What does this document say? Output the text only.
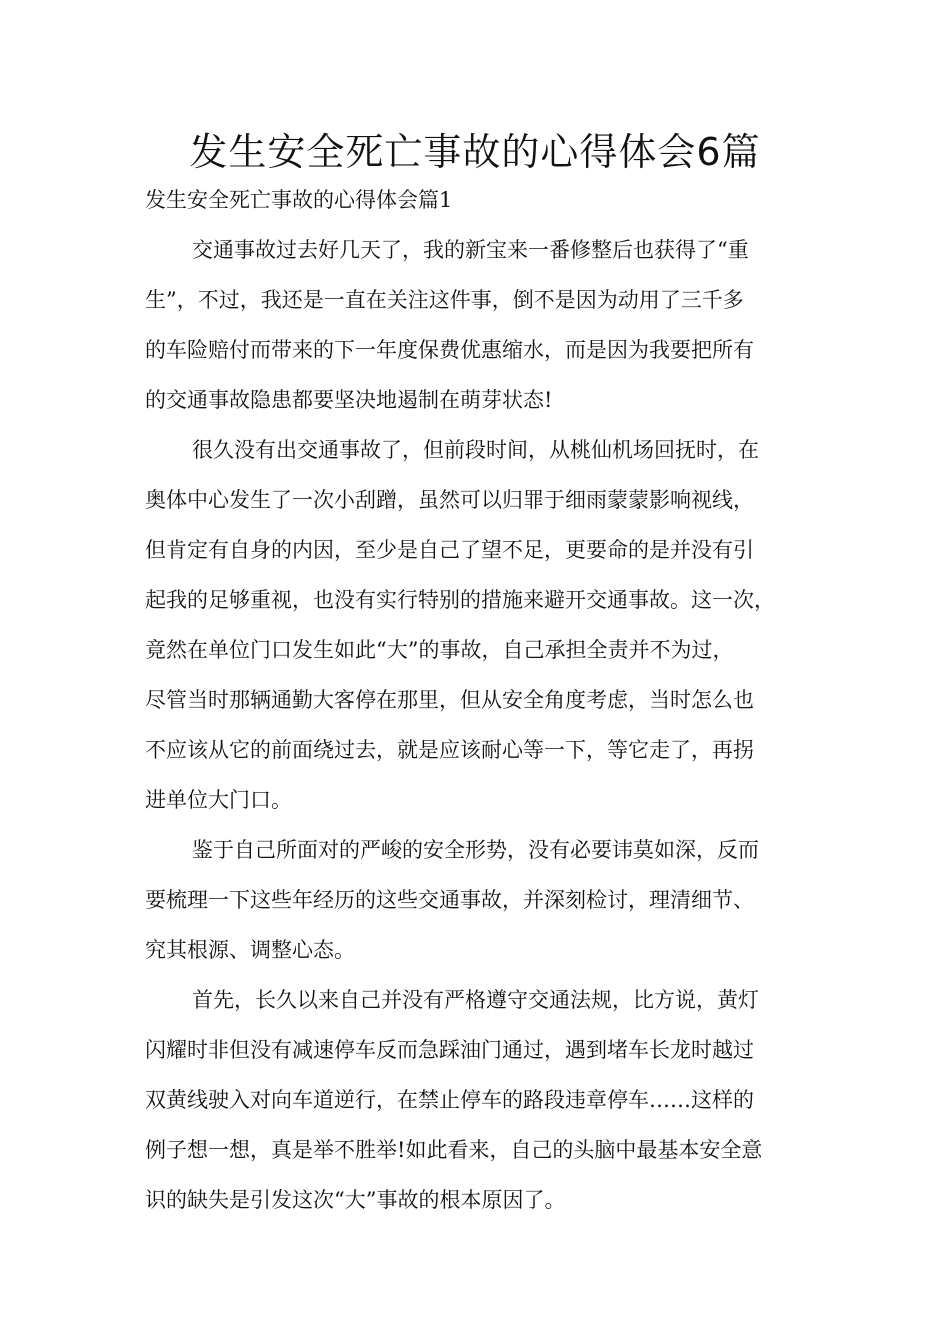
发生安全死亡事故的心得体会6篇
发生安全死亡事故的心得体会篇1
交通事故过去好几天了，我的新宝来一番修整后也获得了“重
生”，不过，我还是一直在关注这件事，倒不是因为动用了三千多
的车险赔付而带来的下一年度保费优惠缩水，而是因为我要把所有
的交通事故隐患都要坚决地遏制在萌芽状态!
很久没有出交通事故了，但前段时间，从桃仙机场回抚时，在
奥体中心发生了一次小刮蹭，虽然可以归罪于细雨蒙蒙影响视线，
但肯定有自身的内因，至少是自己了望不足，更要命的是并没有引
起我的足够重视，也没有实行特别的措施来避开交通事故。这一次，
竟然在单位门口发生如此“大”的事故，自己承担全责并不为过，
尽管当时那辆通勤大客停在那里，但从安全角度考虑，当时怎么也
不应该从它的前面绕过去，就是应该耐心等一下，等它走了，再拐
进单位大门口。
鉴于自己所面对的严峻的安全形势，没有必要讳莫如深，反而
要梳理一下这些年经历的这些交通事故，并深刻检讨，理清细节、
究其根源、调整心态。
首先，长久以来自己并没有严格遵守交通法规，比方说，黄灯
闪耀时非但没有减速停车反而急踩油门通过，遇到堵车长龙时越过
双黄线驶入对向车道逆行，在禁止停车的路段违章停车……这样的
例子想一想，真是举不胜举!如此看来，自己的头脑中最基本安全意
识的缺失是引发这次“大”事故的根本原因了。
